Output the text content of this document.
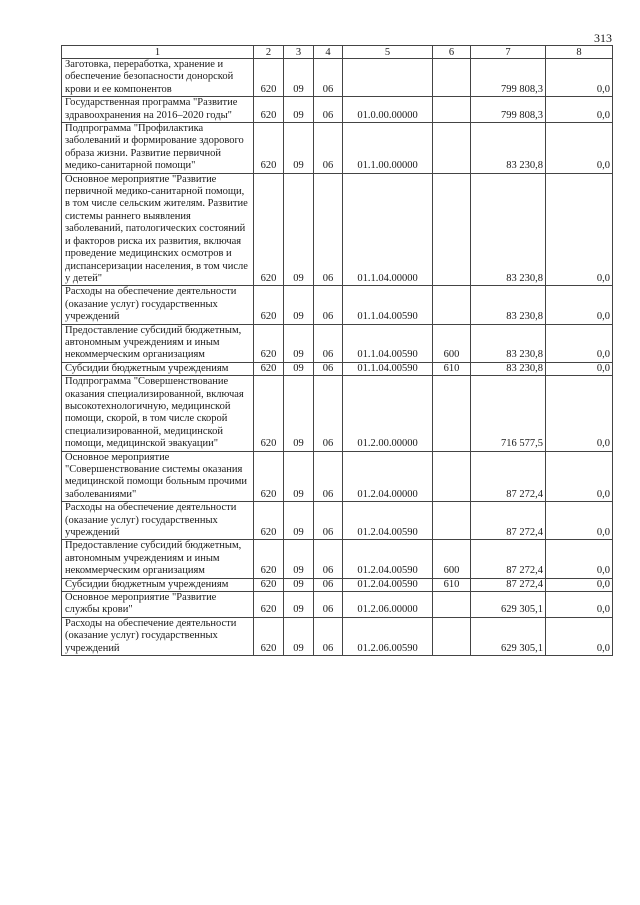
313
1	2	3	4	5	6	7	8
Заготовка, переработка, хранение и обеспечение безопасности донорской крови и ее компонентов	620	09	06			799 808,3	0,0
Государственная программа "Развитие здравоохранения на 2016–2020 годы"	620	09	06	01.0.00.00000		799 808,3	0,0
Подпрограмма "Профилактика заболеваний и формирование здорового образа жизни. Развитие первичной медико-санитарной помощи"	620	09	06	01.1.00.00000		83 230,8	0,0
Основное мероприятие "Развитие первичной медико-санитарной помощи, в том числе сельским жителям. Развитие системы раннего выявления заболеваний, патологических состояний и факторов риска их развития, включая проведение медицинских осмотров и диспансеризации населения, в том числе у детей"	620	09	06	01.1.04.00000		83 230,8	0,0
Расходы на обеспечение деятельности (оказание услуг) государственных учреждений	620	09	06	01.1.04.00590		83 230,8	0,0
Предоставление субсидий бюджетным, автономным учреждениям и иным некоммерческим организациям	620	09	06	01.1.04.00590	600	83 230,8	0,0
Субсидии бюджетным учреждениям	620	09	06	01.1.04.00590	610	83 230,8	0,0
Подпрограмма "Совершенствование оказания специализированной, включая высокотехнологичную, медицинской помощи, скорой, в том числе скорой специализированной, медицинской помощи, медицинской эвакуации"	620	09	06	01.2.00.00000		716 577,5	0,0
Основное мероприятие "Совершенствование системы оказания медицинской помощи больным прочими заболеваниями"	620	09	06	01.2.04.00000		87 272,4	0,0
Расходы на обеспечение деятельности (оказание услуг) государственных учреждений	620	09	06	01.2.04.00590		87 272,4	0,0
Предоставление субсидий бюджетным, автономным учреждениям и иным некоммерческим организациям	620	09	06	01.2.04.00590	600	87 272,4	0,0
Субсидии бюджетным учреждениям	620	09	06	01.2.04.00590	610	87 272,4	0,0
Основное мероприятие "Развитие службы крови"	620	09	06	01.2.06.00000		629 305,1	0,0
Расходы на обеспечение деятельности (оказание услуг) государственных учреждений	620	09	06	01.2.06.00590		629 305,1	0,0
